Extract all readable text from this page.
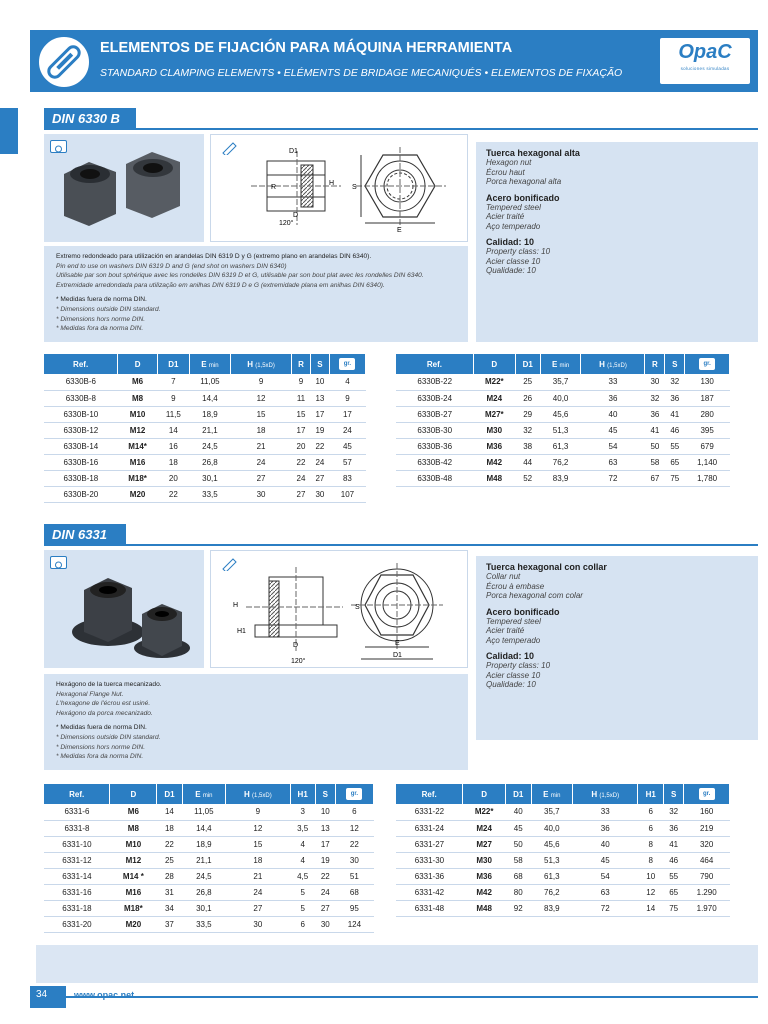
ELEMENTOS DE FIJACIÓN PARA MÁQUINA HERRAMIENTA
STANDARD CLAMPING ELEMENTS • ELÉMENTS DE BRIDAGE MECANIQUÉS • ELEMENTOS DE FIXAÇÃO
OpaC
soluciones simuladas
DIN 6330 B
D1
H
R
120°
D
S
E
Tuerca hexagonal alta
Hexagon nut
Écrou haut
Porca hexagonal alta
Acero bonificado
Tempered steel
Acier traité
Aço temperado
Calidad: 10
Property class: 10
Acier classe 10
Qualidade: 10
Extremo redondeado para utilización en arandelas DIN 6319 D y G (extremo plano en arandelas DIN 6340).
Pin end to use on washers DIN 6319 D and G (end shot on washers DIN 6340)
Utilisable par son bout sphérique avec les rondelles DIN 6319 D et G, utilisable par son bout plat avec les rondelles DIN 6340.
Extremidade arredondada para utilização em anilhas DIN 6319 D e G (extremidade plana em anilhas DIN 6340).
* Medidas fuera de norma DIN.
* Dimensions outside DIN standard.
* Dimensions hors norme DIN.
* Medidas fora da norma DIN.
Ref.	D	D1	E min	H (1,5xD)	R	S	gr.
6330B-6	M6	7	11,05	9	9	10	4
6330B-8	M8	9	14,4	12	11	13	9
6330B-10	M10	11,5	18,9	15	15	17	17
6330B-12	M12	14	21,1	18	17	19	24
6330B-14	M14*	16	24,5	21	20	22	45
6330B-16	M16	18	26,8	24	22	24	57
6330B-18	M18*	20	30,1	27	24	27	83
6330B-20	M20	22	33,5	30	27	30	107
Ref.	D	D1	E min	H (1,5xD)	R	S	gr.
6330B-22	M22*	25	35,7	33	30	32	130
6330B-24	M24	26	40,0	36	32	36	187
6330B-27	M27*	29	45,6	40	36	41	280
6330B-30	M30	32	51,3	45	41	46	395
6330B-36	M36	38	61,3	54	50	55	679
6330B-42	M42	44	76,2	63	58	65	1,140
6330B-48	M48	52	83,9	72	67	75	1,780
DIN 6331
H
H1
D
120°
S
E
D1
Tuerca hexagonal con collar
Collar nut
Écrou à embase
Porca hexagonal com colar
Acero bonificado
Tempered steel
Acier traité
Aço temperado
Calidad: 10
Property class: 10
Acier classe 10
Qualidade: 10
Hexágono de la tuerca mecanizado.
Hexagonal Flange Nut.
L'hexagone de l'écrou est usiné.
Hexágono da porca mecanizado.
* Medidas fuera de norma DIN.
* Dimensions outside DIN standard.
* Dimensions hors norme DIN.
* Medidas fora da norma DIN.
Ref.	D	D1	E min	H (1,5xD)	H1	S	gr.
6331-6	M6	14	11,05	9	3	10	6
6331-8	M8	18	14,4	12	3,5	13	12
6331-10	M10	22	18,9	15	4	17	22
6331-12	M12	25	21,1	18	4	19	30
6331-14	M14 *	28	24,5	21	4,5	22	51
6331-16	M16	31	26,8	24	5	24	68
6331-18	M18*	34	30,1	27	5	27	95
6331-20	M20	37	33,5	30	6	30	124
Ref.	D	D1	E min	H (1,5xD)	H1	S	gr.
6331-22	M22*	40	35,7	33	6	32	160
6331-24	M24	45	40,0	36	6	36	219
6331-27	M27	50	45,6	40	8	41	320
6331-30	M30	58	51,3	45	8	46	464
6331-36	M36	68	61,3	54	10	55	790
6331-42	M42	80	76,2	63	12	65	1.290
6331-48	M48	92	83,9	72	14	75	1.970
34	www.opac.net
